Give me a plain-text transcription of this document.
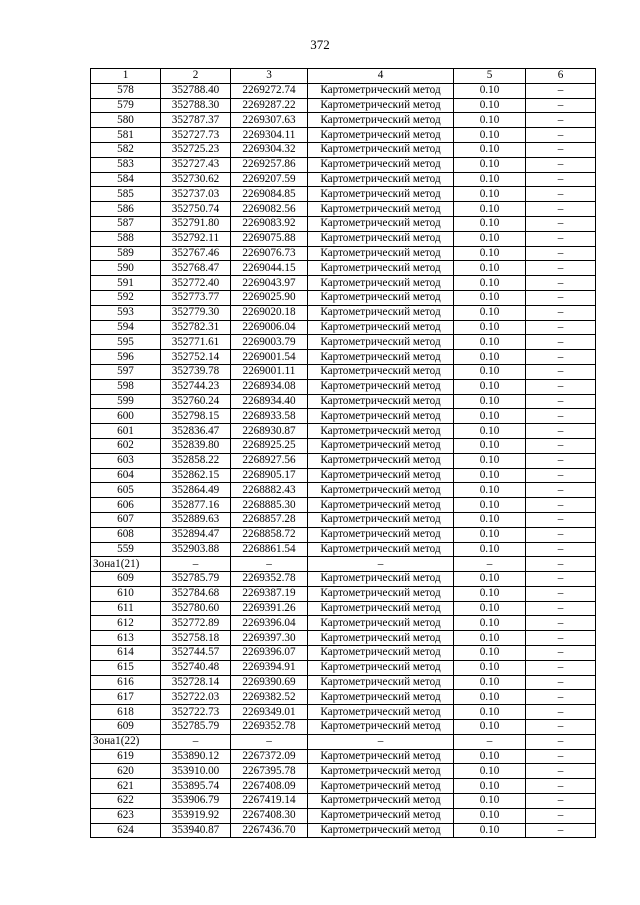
372
1	2	3	4	5	6
578	352788.40	2269272.74	Картометрический метод	0.10	–
579	352788.30	2269287.22	Картометрический метод	0.10	–
580	352787.37	2269307.63	Картометрический метод	0.10	–
581	352727.73	2269304.11	Картометрический метод	0.10	–
582	352725.23	2269304.32	Картометрический метод	0.10	–
583	352727.43	2269257.86	Картометрический метод	0.10	–
584	352730.62	2269207.59	Картометрический метод	0.10	–
585	352737.03	2269084.85	Картометрический метод	0.10	–
586	352750.74	2269082.56	Картометрический метод	0.10	–
587	352791.80	2269083.92	Картометрический метод	0.10	–
588	352792.11	2269075.88	Картометрический метод	0.10	–
589	352767.46	2269076.73	Картометрический метод	0.10	–
590	352768.47	2269044.15	Картометрический метод	0.10	–
591	352772.40	2269043.97	Картометрический метод	0.10	–
592	352773.77	2269025.90	Картометрический метод	0.10	–
593	352779.30	2269020.18	Картометрический метод	0.10	–
594	352782.31	2269006.04	Картометрический метод	0.10	–
595	352771.61	2269003.79	Картометрический метод	0.10	–
596	352752.14	2269001.54	Картометрический метод	0.10	–
597	352739.78	2269001.11	Картометрический метод	0.10	–
598	352744.23	2268934.08	Картометрический метод	0.10	–
599	352760.24	2268934.40	Картометрический метод	0.10	–
600	352798.15	2268933.58	Картометрический метод	0.10	–
601	352836.47	2268930.87	Картометрический метод	0.10	–
602	352839.80	2268925.25	Картометрический метод	0.10	–
603	352858.22	2268927.56	Картометрический метод	0.10	–
604	352862.15	2268905.17	Картометрический метод	0.10	–
605	352864.49	2268882.43	Картометрический метод	0.10	–
606	352877.16	2268885.30	Картометрический метод	0.10	–
607	352889.63	2268857.28	Картометрический метод	0.10	–
608	352894.47	2268858.72	Картометрический метод	0.10	–
559	352903.88	2268861.54	Картометрический метод	0.10	–
Зона1(21)	–	–	–	–	–
609	352785.79	2269352.78	Картометрический метод	0.10	–
610	352784.68	2269387.19	Картометрический метод	0.10	–
611	352780.60	2269391.26	Картометрический метод	0.10	–
612	352772.89	2269396.04	Картометрический метод	0.10	–
613	352758.18	2269397.30	Картометрический метод	0.10	–
614	352744.57	2269396.07	Картометрический метод	0.10	–
615	352740.48	2269394.91	Картометрический метод	0.10	–
616	352728.14	2269390.69	Картометрический метод	0.10	–
617	352722.03	2269382.52	Картометрический метод	0.10	–
618	352722.73	2269349.01	Картометрический метод	0.10	–
609	352785.79	2269352.78	Картометрический метод	0.10	–
Зона1(22)	–	–	–	–	–
619	353890.12	2267372.09	Картометрический метод	0.10	–
620	353910.00	2267395.78	Картометрический метод	0.10	–
621	353895.74	2267408.09	Картометрический метод	0.10	–
622	353906.79	2267419.14	Картометрический метод	0.10	–
623	353919.92	2267408.30	Картометрический метод	0.10	–
624	353940.87	2267436.70	Картометрический метод	0.10	–
